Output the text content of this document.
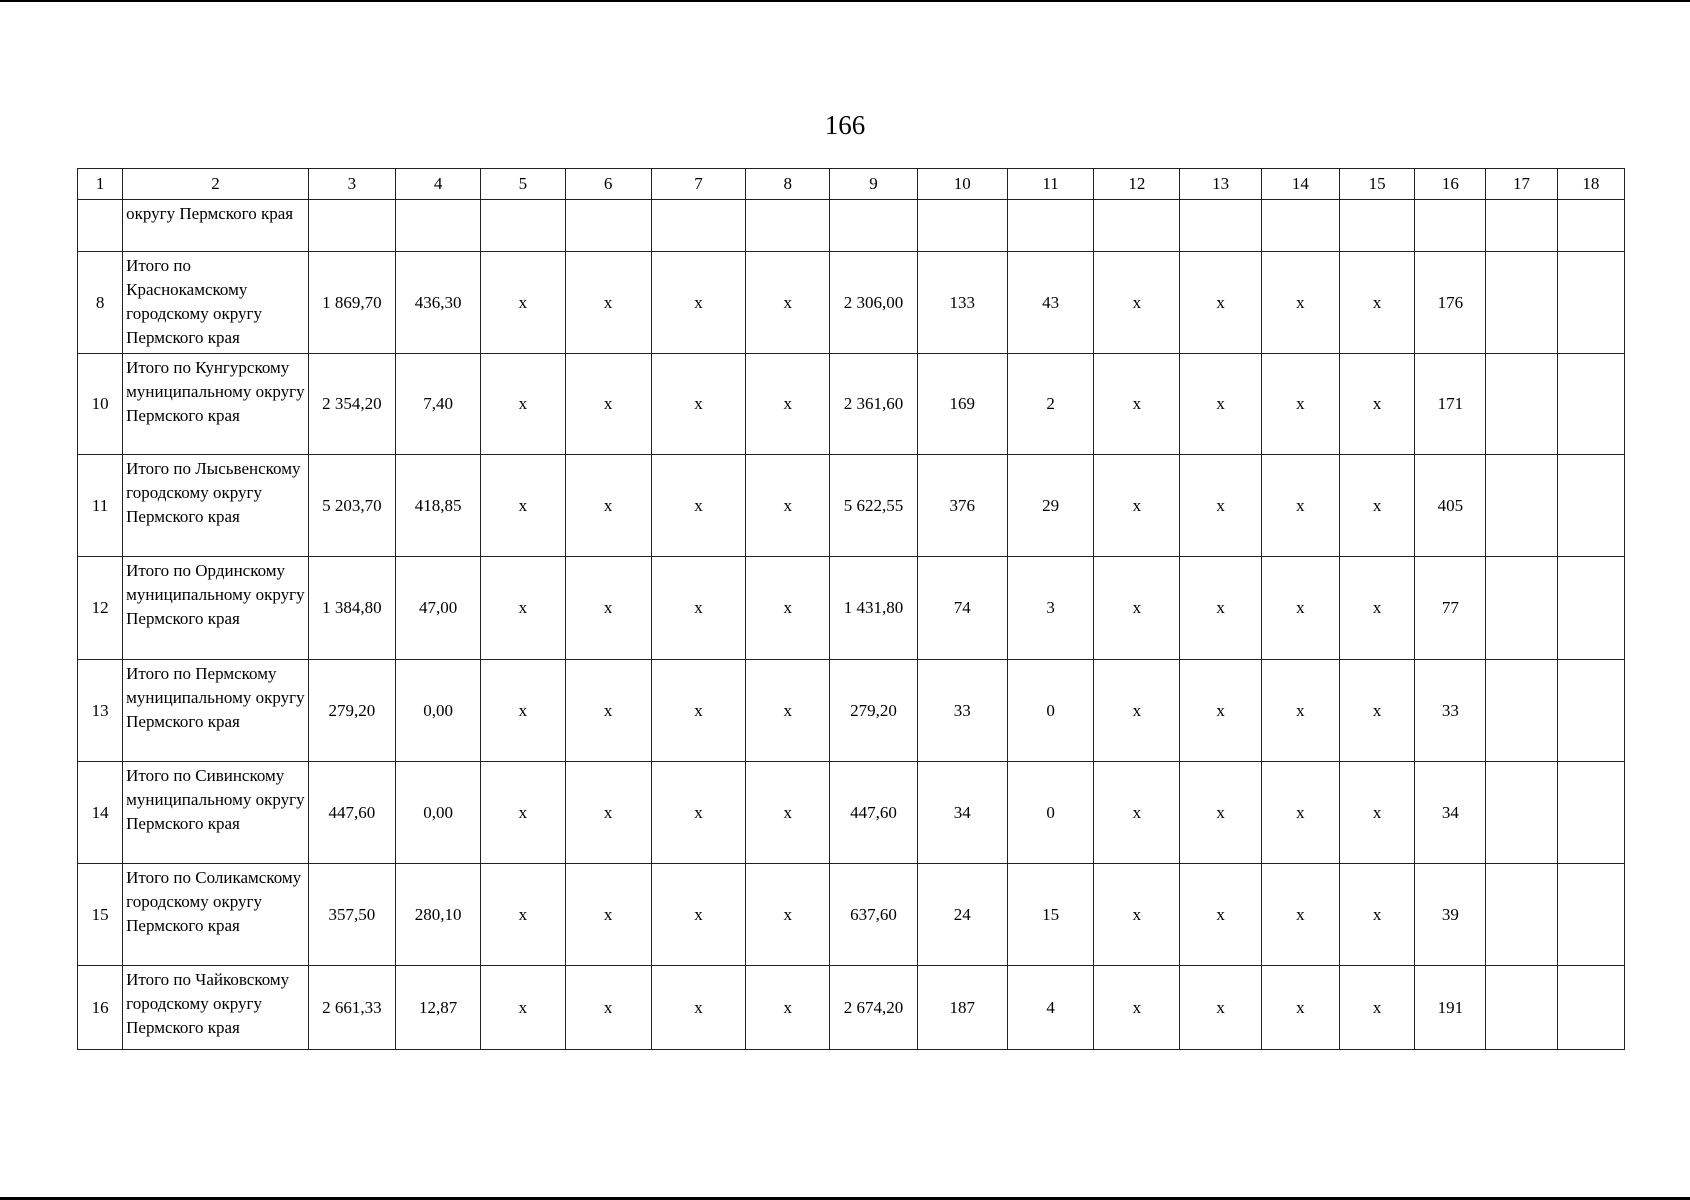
166
1	2	3	4	5	6	7	8	9	10	11	12	13	14	15	16	17	18
	округу Пермского края																
8	Итого по Краснокамскому городскому округу Пермского края	1 869,70	436,30	х	х	х	х	2 306,00	133	43	х	х	х	х	176		
10	Итого по Кунгурскому муниципальному округу Пермского края	2 354,20	7,40	х	х	х	х	2 361,60	169	2	х	х	х	х	171		
11	Итого по Лысьвенскому городскому округу Пермского края	5 203,70	418,85	х	х	х	х	5 622,55	376	29	х	х	х	х	405		
12	Итого по Ординскому муниципальному округу Пермского края	1 384,80	47,00	х	х	х	х	1 431,80	74	3	х	х	х	х	77		
13	Итого по Пермскому муниципальному округу Пермского края	279,20	0,00	х	х	х	х	279,20	33	0	х	х	х	х	33		
14	Итого по Сивинскому муниципальному округу Пермского края	447,60	0,00	х	х	х	х	447,60	34	0	х	х	х	х	34		
15	Итого по Соликамскому городскому округу Пермского края	357,50	280,10	х	х	х	х	637,60	24	15	х	х	х	х	39		
16	Итого по Чайковскому городскому округу Пермского края	2 661,33	12,87	х	х	х	х	2 674,20	187	4	х	х	х	х	191		
